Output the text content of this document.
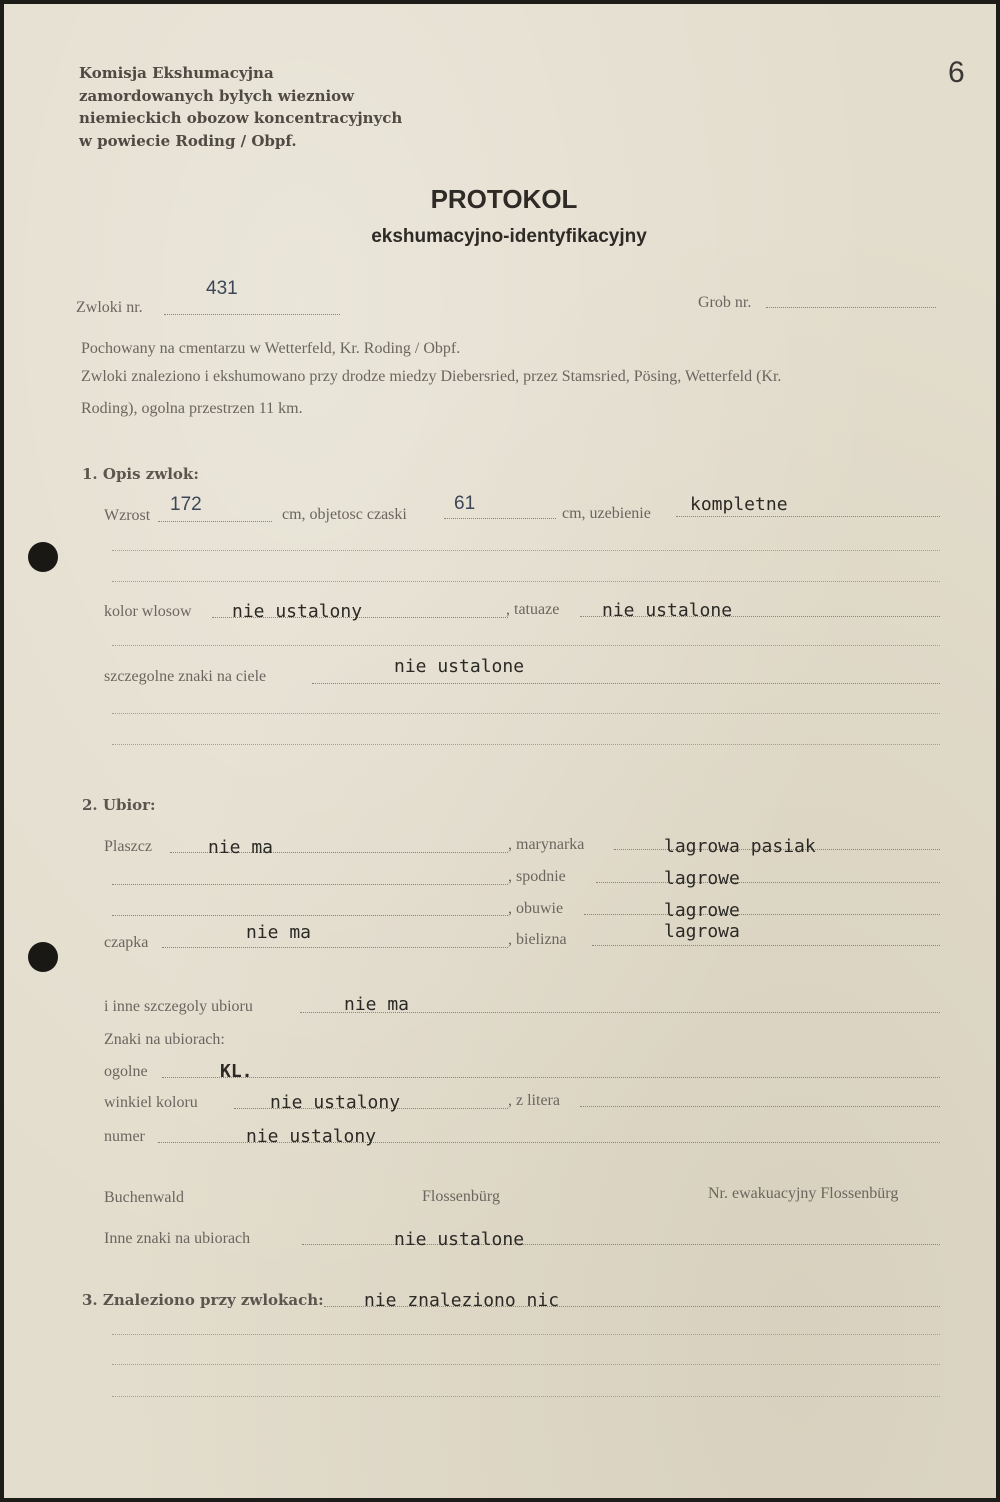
Komisja Ekshumacyjna
zamordowanych bylych wiezniow
niemieckich obozow koncentracyjnych
w powiecie Roding / Obpf.
6
PROTOKOL
ekshumacyjno-identyfikacyjny
Zwloki nr.
431
Grob nr.
Pochowany na cmentarzu w Wetterfeld, Kr. Roding / Obpf.
Zwloki znaleziono i ekshumowano przy drodze miedzy Diebersried, przez Stamsried, Pösing, Wetterfeld (Kr.
Roding), ogolna przestrzen 11 km.
1. Opis zwlok:
Wzrost
172	cm, objetosc czaski
61	cm, uzebienie kompletne
kolor wlosow nie ustalony	, tatuaze nie ustalone
szczegolne znaki na ciele	nie ustalone
2. Ubior:
Plaszcz	nie ma	, marynarka	lagrowa pasiak
, spodnie	lagrowe
, obuwie	lagrowe
czapka	nie ma	, bielizna	lagrowa
i inne szczegoly ubioru	nie ma
Znaki na ubiorach:
ogolne	KL.
winkiel koloru	nie ustalony	, z litera
numer	nie ustalony
Buchenwald	Flossenbürg	Nr. ewakuacyjny Flossenbürg
Inne znaki na ubiorach	nie ustalone
3. Znaleziono przy zwlokach: nie znaleziono nic
